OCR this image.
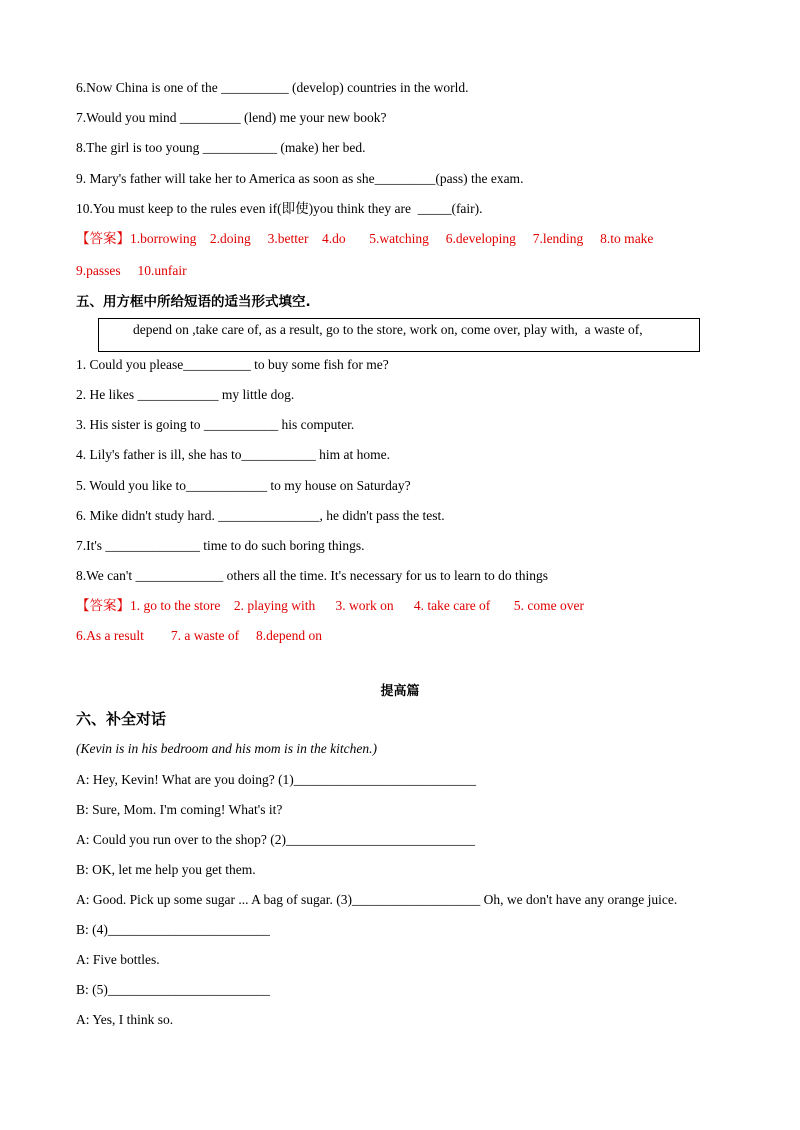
6.Now China is one of the __________ (develop) countries in the world.
7.Would you mind _________ (lend) me your new book?
8.The girl is too young ___________ (make) her bed.
9. Mary's father will take her to America as soon as she_________(pass) the exam.
10.You must keep to the rules even if(即使)you think they are  _____(fair).
【答案】1.borrowing    2.doing     3.better    4.do       5.watching     6.developing     7.lending     8.to make
9.passes     10.unfair
五、用方框中所给短语的适当形式填空.
depend on ,take care of, as a result, go to the store, work on, come over, play with,  a waste of,
1. Could you please__________ to buy some fish for me?
2. He likes ____________ my little dog.
3. His sister is going to ___________ his computer.
4. Lily's father is ill, she has to___________ him at home.
5. Would you like to____________ to my house on Saturday?
6. Mike didn't study hard. _______________, he didn't pass the test.
7.It's ______________ time to do such boring things.
8.We can't _____________ others all the time. It's necessary for us to learn to do things
【答案】1. go to the store    2. playing with      3. work on      4. take care of       5. come over
6.As a result        7. a waste of     8.depend on
提高篇
六、补全对话
(Kevin is in his bedroom and his mom is in the kitchen.)
A: Hey, Kevin! What are you doing? (1)___________________________
B: Sure, Mom. I'm coming! What's it?
A: Could you run over to the shop? (2)____________________________
B: OK, let me help you get them.
A: Good. Pick up some sugar ... A bag of sugar. (3)___________________ Oh, we don't have any orange juice.
B: (4)________________________
A: Five bottles.
B: (5)________________________
A: Yes, I think so.
